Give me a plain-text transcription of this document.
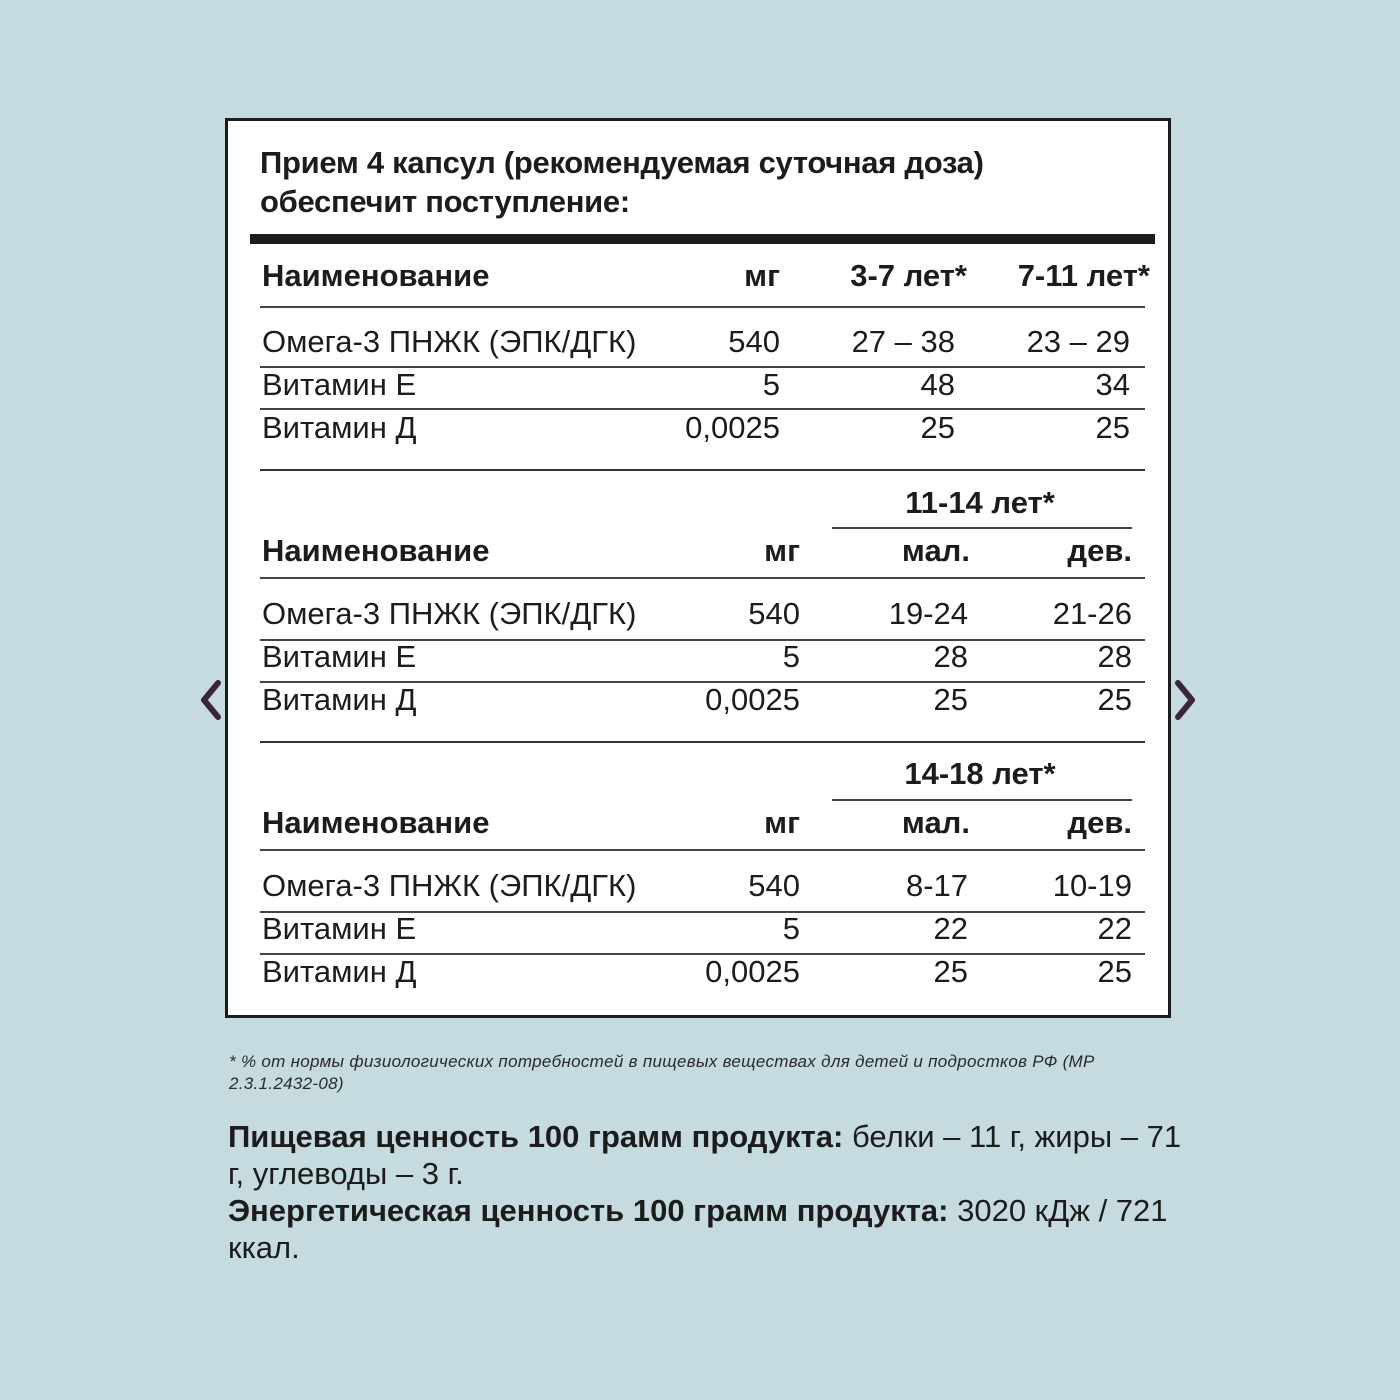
Прием 4 капсул (рекомендуемая суточная доза) обеспечит поступление:
Наименование	мг	3-7 лет*	7-11 лет*
Омега-3 ПНЖК (ЭПК/ДГК)	540	27 – 38	23 – 29
Витамин Е	5	48	34
Витамин Д	0,0025	25	25
11-14 лет*
Наименование	мг	мал.	дев.
Омега-3 ПНЖК (ЭПК/ДГК)	540	19-24	21-26
Витамин Е	5	28	28
Витамин Д	0,0025	25	25
14-18 лет*
Наименование	мг	мал.	дев.
Омега-3 ПНЖК (ЭПК/ДГК)	540	8-17	10-19
Витамин Е	5	22	22
Витамин Д	0,0025	25	25
* % от нормы физиологических потребностей в пищевых веществах для детей и подростков РФ (МР 2.3.1.2432-08)
Пищевая ценность 100 грамм продукта: белки – 11 г, жиры – 71 г, углеводы – 3 г.
Энергетическая ценность 100 грамм продукта: 3020 кДж / 721 ккал.
